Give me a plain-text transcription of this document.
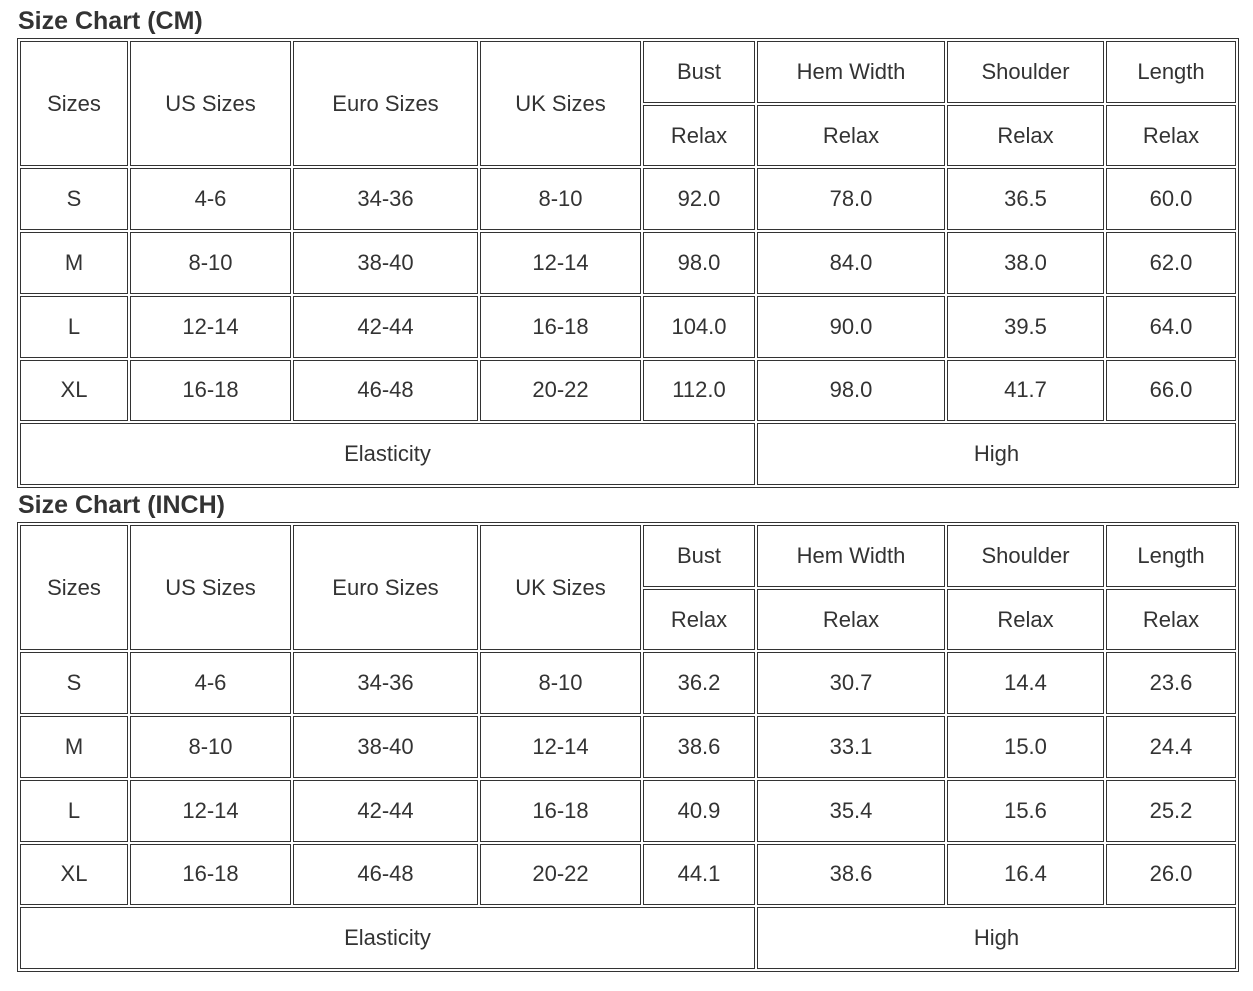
Size Chart (CM)
Sizes	US Sizes	Euro Sizes	UK Sizes	Bust	Hem Width	Shoulder	Length
				Relax	Relax	Relax	Relax
S	4-6	34-36	8-10	92.0	78.0	36.5	60.0
M	8-10	38-40	12-14	98.0	84.0	38.0	62.0
L	12-14	42-44	16-18	104.0	90.0	39.5	64.0
XL	16-18	46-48	20-22	112.0	98.0	41.7	66.0
Elasticity					High		
Size Chart (INCH)
Sizes	US Sizes	Euro Sizes	UK Sizes	Bust	Hem Width	Shoulder	Length
				Relax	Relax	Relax	Relax
S	4-6	34-36	8-10	36.2	30.7	14.4	23.6
M	8-10	38-40	12-14	38.6	33.1	15.0	24.4
L	12-14	42-44	16-18	40.9	35.4	15.6	25.2
XL	16-18	46-48	20-22	44.1	38.6	16.4	26.0
Elasticity					High		
